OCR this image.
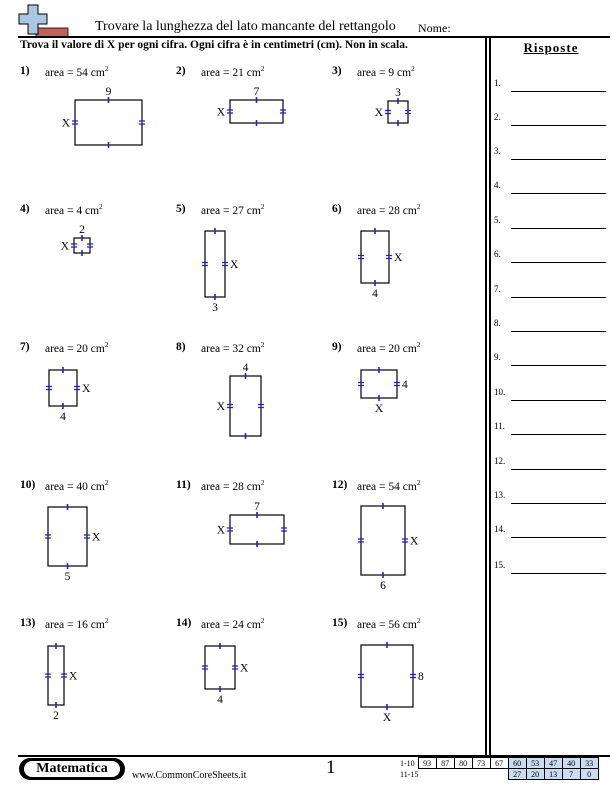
Trovare la lunghezza del lato mancante del rettangolo Nome:
Trova il valore di X per ogni cifra. Ogni cifra è in centimetri (cm). Non in scala.	Risposte
1.
2.
3.
4.
5.
6.
7.
8.
9.
10.
11.
12.
13.
14.
15.
1) area = 54 $cm^2$	2) area = 21 $cm^2$	3) area = 9 $cm^2$
4) area = 4 $cm^2$	5) area = 27 $cm^2$	6) area = 28 $cm^2$
7) area = 20 $cm^2$	8) area = 32 $cm^2$	9) area = 20 $cm^2$
10) area = 40 $cm^2$	11) area = 28 $cm^2$	12) area = 54 $cm^2$
13) area = 16 $cm^2$	14) area = 24 $cm^2$	15) area = 56 $cm^2$
9
X
7
X
3
X
2
X
3
X
4
X
4
X
4
X	X
4
5
X
7
X
6
X
2
X
4
X
X
8
Matematica	www.CommonCoreSheets.it	1	1-10	93	87	80	73	67	60	53	47	40	33
11-15						27	20	13	7	0
